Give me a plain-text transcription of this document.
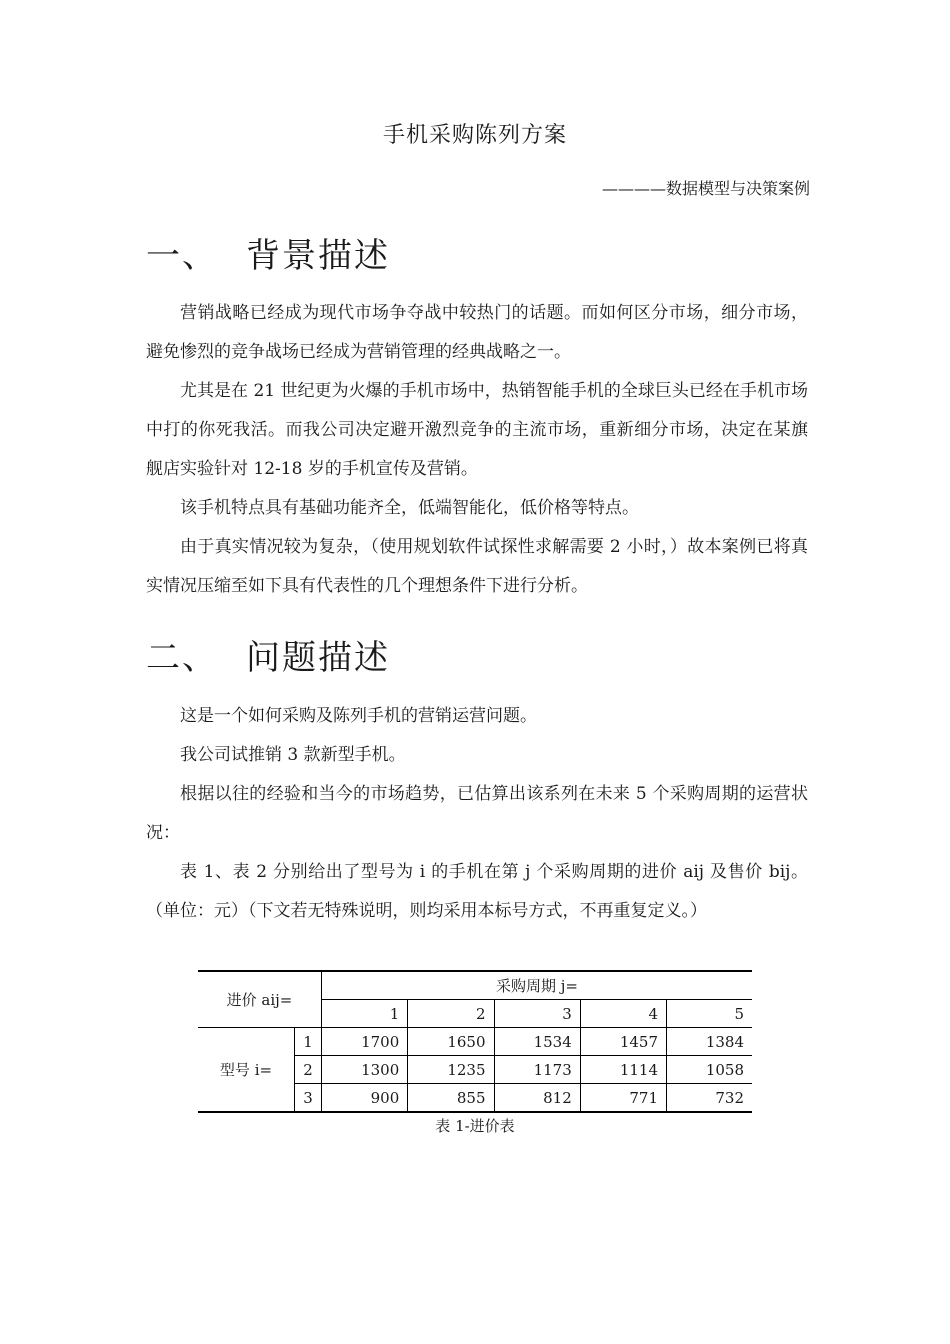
手机采购陈列方案
————数据模型与决策案例
一、 背景描述
营销战略已经成为现代市场争夺战中较热门的话题。而如何区分市场，细分市场，避免惨烈的竞争战场已经成为营销管理的经典战略之一。
尤其是在 21 世纪更为火爆的手机市场中，热销智能手机的全球巨头已经在手机市场中打的你死我活。而我公司决定避开激烈竞争的主流市场，重新细分市场，决定在某旗舰店实验针对 12-18 岁的手机宣传及营销。
该手机特点具有基础功能齐全，低端智能化，低价格等特点。
由于真实情况较为复杂，（使用规划软件试探性求解需要 2 小时，）故本案例已将真实情况压缩至如下具有代表性的几个理想条件下进行分析。
二、 问题描述
这是一个如何采购及陈列手机的营销运营问题。
我公司试推销 3 款新型手机。
根据以往的经验和当今的市场趋势，已估算出该系列在未来 5 个采购周期的运营状况：
表 1、表 2 分别给出了型号为 i 的手机在第 j 个采购周期的进价 aij 及售价 bij。（单位：元）（下文若无特殊说明，则均采用本标号方式，不再重复定义。）
进价 aij=		采购周期 j=				
		1	2	3	4	5
型号 i=	1	1700	1650	1534	1457	1384
	2	1300	1235	1173	1114	1058
	3	900	855	812	771	732
表 1-进价表
